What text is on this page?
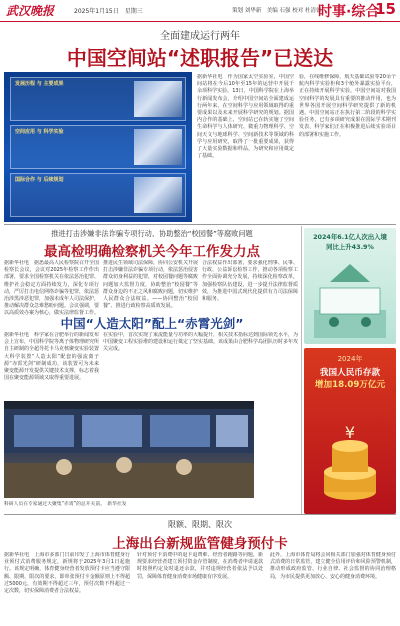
武汉晚报	2025年1月15日　星期三	策划 刘华新　美编 石强 校对 杜清德
时事·综合
15
全面建成运行两年
中国空间站“述职报告”已送达
发展历程 与 主要成果
空间应用 与 科学实验
国际合作 与 后续规划
据新华社电　作为国家太空实验室，中国空间站将在今后10年至15年的运营中开展千余项科学实验。13日，中国科学院在上海举行新闻发布会，介绍中国空间站全面建成运行两年来，在空间科学与应用领域取得的重要成果以及未来开展科学研究的规划。据国内合作的基础上，空间站已在轨实施了空间生命科学与人体研究、微重力物理科学、空间天文与地球科学、空间新技术等领域的科学与应用研究，取得了一批重要成果，获得了大量实验数据和样品，为研究和应用奠定了基础。
验，在线维修保障，航天基础试验等20余个航内科学实验柜和3个舱外暴露实验平台，正在持续开展科学实验。中国空间站对我国空间科学的发展具有重要的推动作用，也为世界各国开展空间科学研究提供了新的机遇。中国空间站正在执行第二阶段的科学实验任务，已有多项研究成果在国际学术期刊发表，科学家们正在积极推进后续实验项目的部署和实施工作。
推进打击涉嫌非法诈骗专项行动、协助整治“校园餐”等腐败问题
最高检明确检察机关今年工作发力点
据新华社电　据悉最高人民检察院召开全国检察长会议，会议对2025年检察工作作出部署，要求全国检察机关在依法惩治犯罪、维护社会稳定方面持续发力，深化专项行动，严厉打击电信网络诈骗等犯罪，依法惩治涉黑涉恶犯罪，加强未成年人司法保护，推动解决群众急难愁盼问题。会议强调，要以高质效办案为核心，做实法律监督工作。
推进民生领域司法保障，协同公安机关开展打击涉嫌非法诈骗专项行动，依法惩治侵害群众切身利益的犯罪，对校园餐问题等腐败问题加大监督力度，协助整治“校园餐”等群众身边的不正之风和腐败问题，切实维护人民群众合法权益。——协同整治“校园餐”、推进行政检察高质效发展。
合法权益作出部署，要求强化刑事、民事、行政、公益诉讼检察工作，推动各项检察工作全面协调充分发展，持续深化检察改革，加强检察队伍建设，进一步提升法律监督质效，为推进中国式现代化提供有力司法保障和服务。
2024年6.1亿人次出入境
同比上升43.9%
2024年
我国人民币存款
增加18.09万亿元
¥
中国“人造太阳”配上“赤霄光剑”
据新华社电　科学家在合肥举行的新闻发布会上宣布，中国科学院等离子体物理研究所自主研制的全超导托卡马克核聚变实验装置大科学装置“人造太阳”配套的强流离子源“赤霄光剑”研制成功，该装置可为未来聚变能源开发提供关键技术支撑，标志着我国在聚变能源领域又取得重要进展。
在实验中，首次实现了束流能量与功率的大幅提升，相关技术指标达到国际领先水平，为中国聚变工程实验堆的建设和运行奠定了坚实基础。该成果由合肥科学岛团队历时多年攻关完成。
科研人员在专家通过大聚集“赤霄”的总开关前。　新华社发
限额、限期、限次
上海出台新规监管健身预付卡
据新华社电　上海市多部门日前印发了上海市体育健身行业预付式消费服务规定，新规将于2025年3月1日起施行。该规定明确，体育健身经营者发放预付卡应当遵守限额、限期、限次的要求，即单张预付卡金额原则上不得超过5000元，有效期不得超过三年，预付次数不得超过一定次数，切实保障消费者合法权益。
针对预付卡消费中的退卡退费难、经营者跑路等问题，新规要求经营者建立预付资金存管制度，在消费者申请退款时按照约定及时退还余款，并对违规经营者依法予以处罚，保障体育健身消费市场健康有序发展。
此外，上海市体育局将会同相关部门加强对体育健身预付式消费的日常监管，建立健全信用评价和风险预警机制，推动形成政府监管、行业自律、社会监督的协同治理格局，为市民提供更加放心、安心的健身消费环境。
